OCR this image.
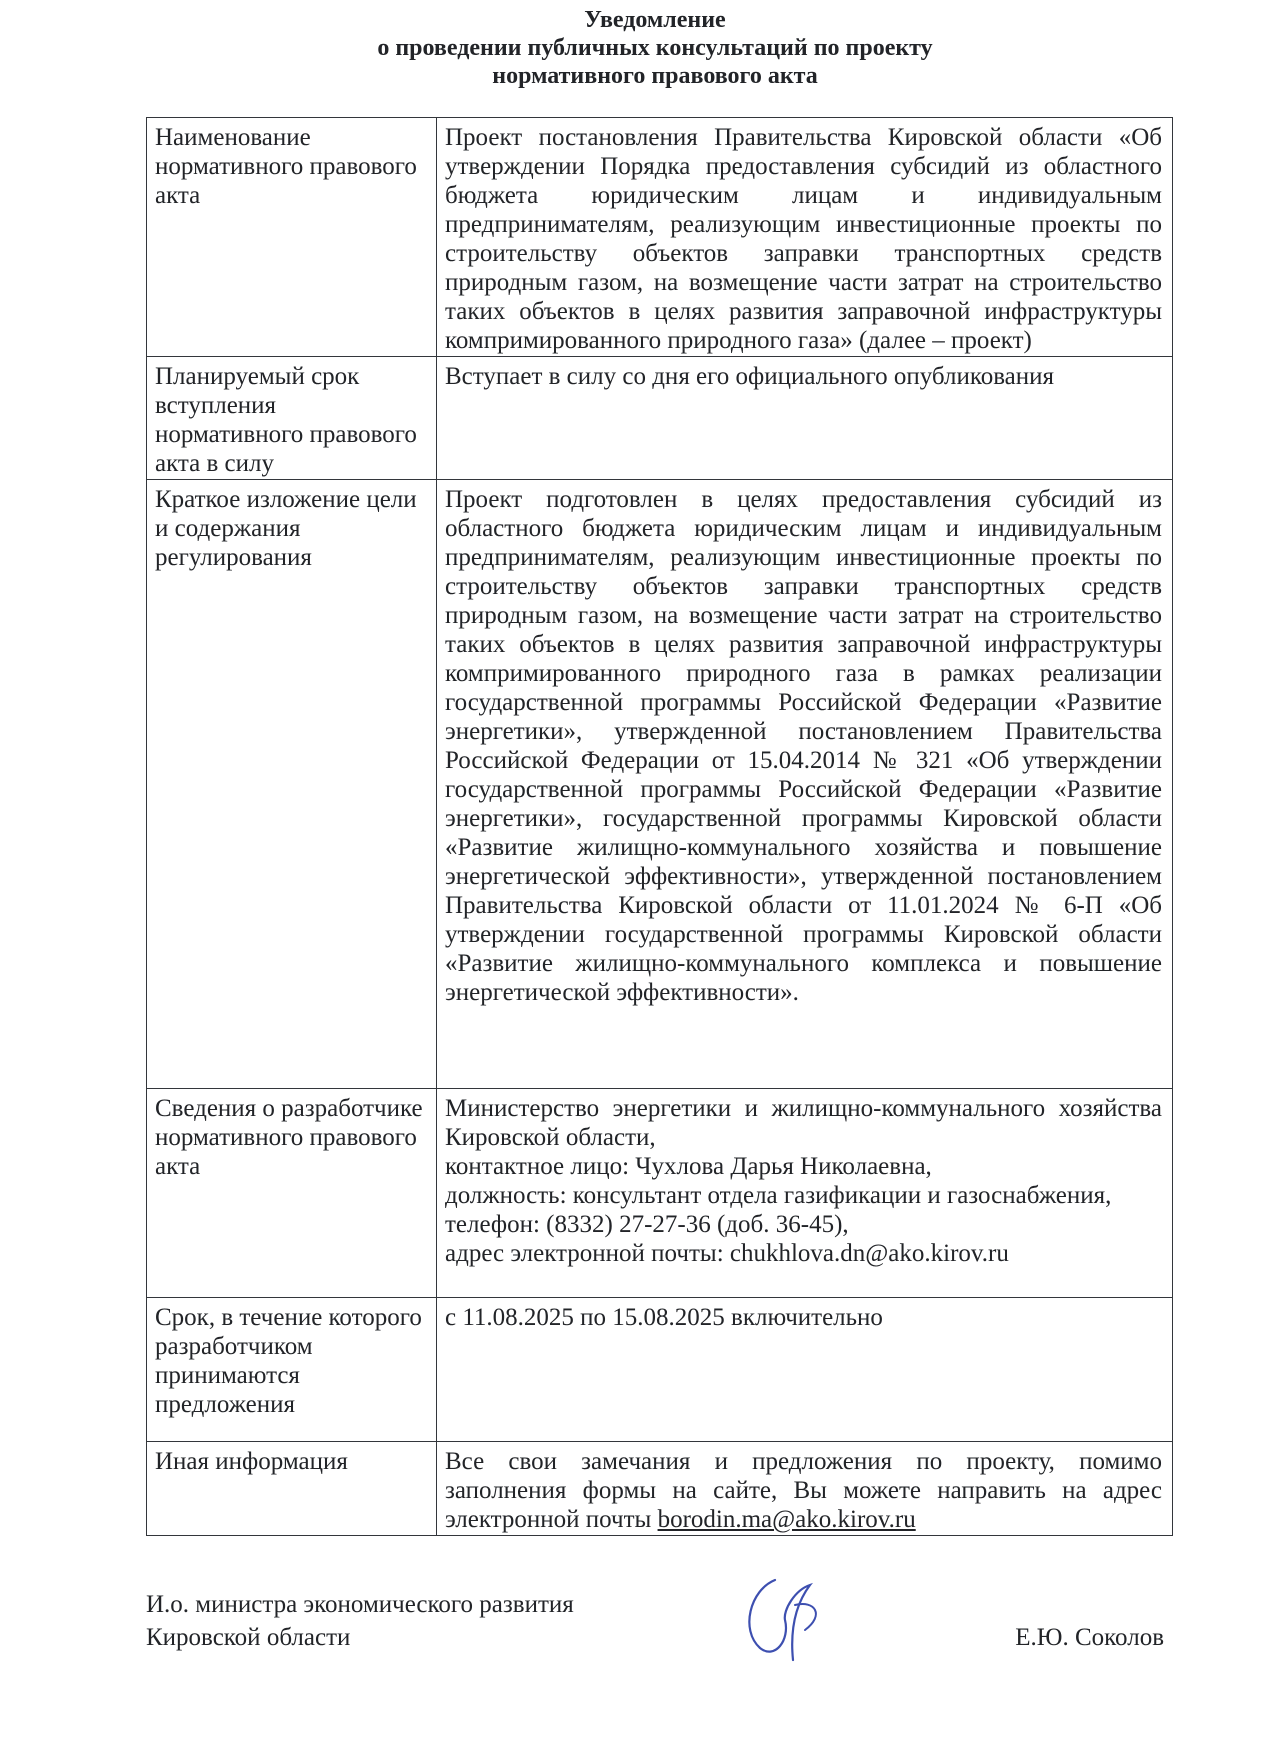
Уведомление
о проведении публичных консультаций по проекту
нормативного правового акта
Наименование нормативного правового акта	Проект постановления Правительства Кировской области «Об утверждении Порядка предоставления субсидий из областного бюджета юридическим лицам и индивидуальным предпринимателям, реализующим инвестиционные проекты по строительству объектов заправки транспортных средств природным газом, на возмещение части затрат на строительство таких объектов в целях развития заправочной инфраструктуры компримированного природного газа» (далее – проект)
Планируемый срок вступления нормативного правового акта в силу	Вступает в силу со дня его официального опубликования
Краткое изложение цели и содержания регулирования	Проект подготовлен в целях предоставления субсидий из областного бюджета юридическим лицам и индивидуальным предпринимателям, реализующим инвестиционные проекты по строительству объектов заправки транспортных средств природным газом, на возмещение части затрат на строительство таких объектов в целях развития заправочной инфраструктуры компримированного природного газа в рамках реализации государственной программы Российской Федерации «Развитие энергетики», утвержденной постановлением Правительства Российской Федерации от 15.04.2014 № 321 «Об утверждении государственной программы Российской Федерации «Развитие энергетики», государственной программы Кировской области «Развитие жилищно-коммунального хозяйства и повышение энергетической эффективности», утвержденной постановлением Правительства Кировской области от 11.01.2024 № 6-П «Об утверждении государственной программы Кировской области «Развитие жилищно-коммунального комплекса и повышение энергетической эффективности».
Сведения о разработчике нормативного правового акта	Министерство энергетики и жилищно-коммунального хозяйства Кировской области,
контактное лицо: Чухлова Дарья Николаевна,
должность: консультант отдела газификации и газоснабжения,
телефон: (8332) 27-27-36 (доб. 36-45),
адрес электронной почты: chukhlova.dn@ako.kirov.ru

Срок, в течение которого разработчиком принимаются предложения	с 11.08.2025 по 15.08.2025 включительно
Иная информация	Все свои замечания и предложения по проекту, помимо заполнения формы на сайте, Вы можете направить на адрес электронной почты borodin.ma@ako.kirov.ru
И.о. министра экономического развития
Кировской области	Е.Ю. Соколов
